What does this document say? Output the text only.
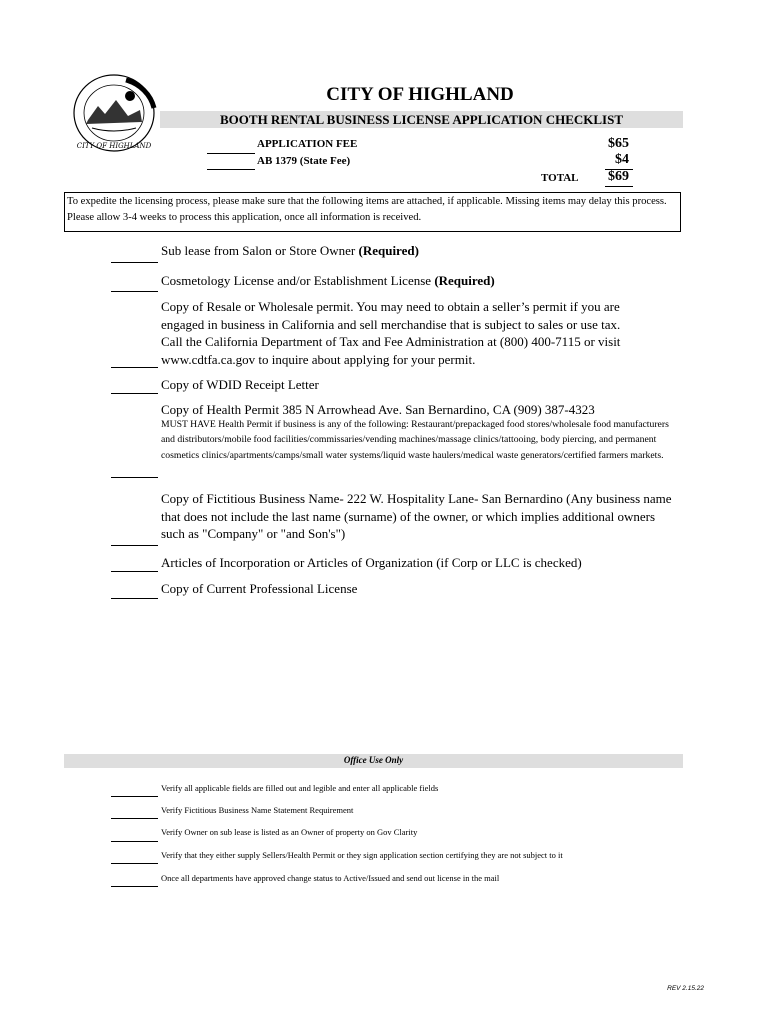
CITY OF HIGHLAND
CITY OF HIGHLAND
BOOTH RENTAL BUSINESS LICENSE APPLICATION CHECKLIST
APPLICATION FEE	$65
AB 1379 (State Fee)	$4
TOTAL	$69
To expedite the licensing process, please make sure that the following items are attached, if applicable. Missing items may delay this process. Please allow 3-4 weeks to process this application, once all information is received.
Sub lease from Salon or Store Owner (Required)
Cosmetology License and/or Establishment License (Required)
Copy of Resale or Wholesale permit. You may need to obtain a seller’s permit if you are engaged in business in California and sell merchandise that is subject to sales or use tax. Call the California Department of Tax and Fee Administration at (800) 400-7115 or visit www.cdtfa.ca.gov to inquire about applying for your permit.
Copy of WDID Receipt Letter
Copy of Health Permit 385 N Arrowhead Ave. San Bernardino, CA (909) 387-4323
MUST HAVE Health Permit if business is any of the following: Restaurant/prepackaged food stores/wholesale food manufacturers and distributors/mobile food facilities/commissaries/vending machines/massage clinics/tattooing, body piercing, and permanent cosmetics clinics/apartments/camps/small water systems/liquid waste haulers/medical waste generators/certified farmers markets.
Copy of Fictitious Business Name- 222 W. Hospitality Lane- San Bernardino (Any business name that does not include the last name (surname) of the owner, or which implies additional owners such as "Company" or "and Son's")
Articles of Incorporation or Articles of Organization (if Corp or LLC is checked)
Copy of Current Professional License
Office Use Only
Verify all applicable fields are filled out and legible and enter all applicable fields
Verify Fictitious Business Name Statement Requirement
Verify Owner on sub lease is listed as an Owner of property on Gov Clarity
Verify that they either supply Sellers/Health Permit or they sign application section certifying they are not subject to it
Once all departments have approved change status to Active/Issued and send out license in the mail
REV 2.15.22
